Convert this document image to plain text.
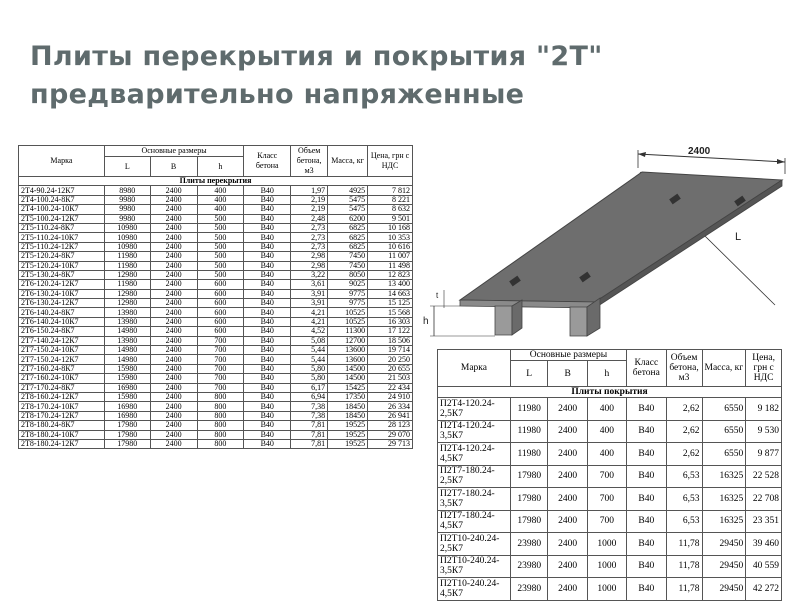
Плиты перекрытия и покрытия "2Т"
предварительно напряженные
Марка	Основные размеры			Класс бетона	Объем бетона, м3	Масса, кг	Цена, грн с НДС
	L	B	h				
Плиты перекрытия							
2Т4-90.24-12К7	8980	2400	400	В40	1,97	4925	7 812
2Т4-100.24-8К7	9980	2400	400	В40	2,19	5475	8 221
2Т4-100.24-10К7	9980	2400	400	В40	2,19	5475	8 632
2Т5-100.24-12К7	9980	2400	500	В40	2,48	6200	9 501
2Т5-110.24-8К7	10980	2400	500	В40	2,73	6825	10 168
2Т5-110.24-10К7	10980	2400	500	В40	2,73	6825	10 353
2Т5-110.24-12К7	10980	2400	500	В40	2,73	6825	10 616
2Т5-120.24-8К7	11980	2400	500	В40	2,98	7450	11 007
2Т5-120.24-10К7	11980	2400	500	В40	2,98	7450	11 498
2Т5-130.24-8К7	12980	2400	500	В40	3,22	8050	12 823
2Т6-120.24-12К7	11980	2400	600	В40	3,61	9025	13 400
2Т6-130.24-10К7	12980	2400	600	В40	3,91	9775	14 663
2Т6-130.24-12К7	12980	2400	600	В40	3,91	9775	15 125
2Т6-140.24-8К7	13980	2400	600	В40	4,21	10525	15 568
2Т6-140.24-10К7	13980	2400	600	В40	4,21	10525	16 303
2Т6-150.24-8К7	14980	2400	600	В40	4,52	11300	17 122
2Т7-140.24-12К7	13980	2400	700	В40	5,08	12700	18 506
2Т7-150.24-10К7	14980	2400	700	В40	5,44	13600	19 714
2Т7-150.24-12К7	14980	2400	700	В40	5,44	13600	20 250
2Т7-160.24-8К7	15980	2400	700	В40	5,80	14500	20 655
2Т7-160.24-10К7	15980	2400	700	В40	5,80	14500	21 503
2Т7-170.24-8К7	16980	2400	700	В40	6,17	15425	22 434
2Т8-160.24-12К7	15980	2400	800	В40	6,94	17350	24 910
2Т8-170.24-10К7	16980	2400	800	В40	7,38	18450	26 334
2Т8-170.24-12К7	16980	2400	800	В40	7,38	18450	26 941
2Т8-180.24-8К7	17980	2400	800	В40	7,81	19525	28 123
2Т8-180.24-10К7	17980	2400	800	В40	7,81	19525	29 070
2Т8-180.24-12К7	17980	2400	800	В40	7,81	19525	29 713
2400
L
h
t
Марка	Основные размеры			Класс бетона	Объем бетона, м3	Масса, кг	Цена, грн с НДС
	L	B	h				
Плиты покрытия							
П2Т4-120.24-2,5К7	11980	2400	400	В40	2,62	6550	9 182
П2Т4-120.24-3,5К7	11980	2400	400	В40	2,62	6550	9 530
П2Т4-120.24-4,5К7	11980	2400	400	В40	2,62	6550	9 877
П2Т7-180.24-2,5К7	17980	2400	700	В40	6,53	16325	22 528
П2Т7-180.24-3,5К7	17980	2400	700	В40	6,53	16325	22 708
П2Т7-180.24-4,5К7	17980	2400	700	В40	6,53	16325	23 351
П2Т10-240.24-2,5К7	23980	2400	1000	В40	11,78	29450	39 460
П2Т10-240.24-3,5К7	23980	2400	1000	В40	11,78	29450	40 559
П2Т10-240.24-4,5К7	23980	2400	1000	В40	11,78	29450	42 272
